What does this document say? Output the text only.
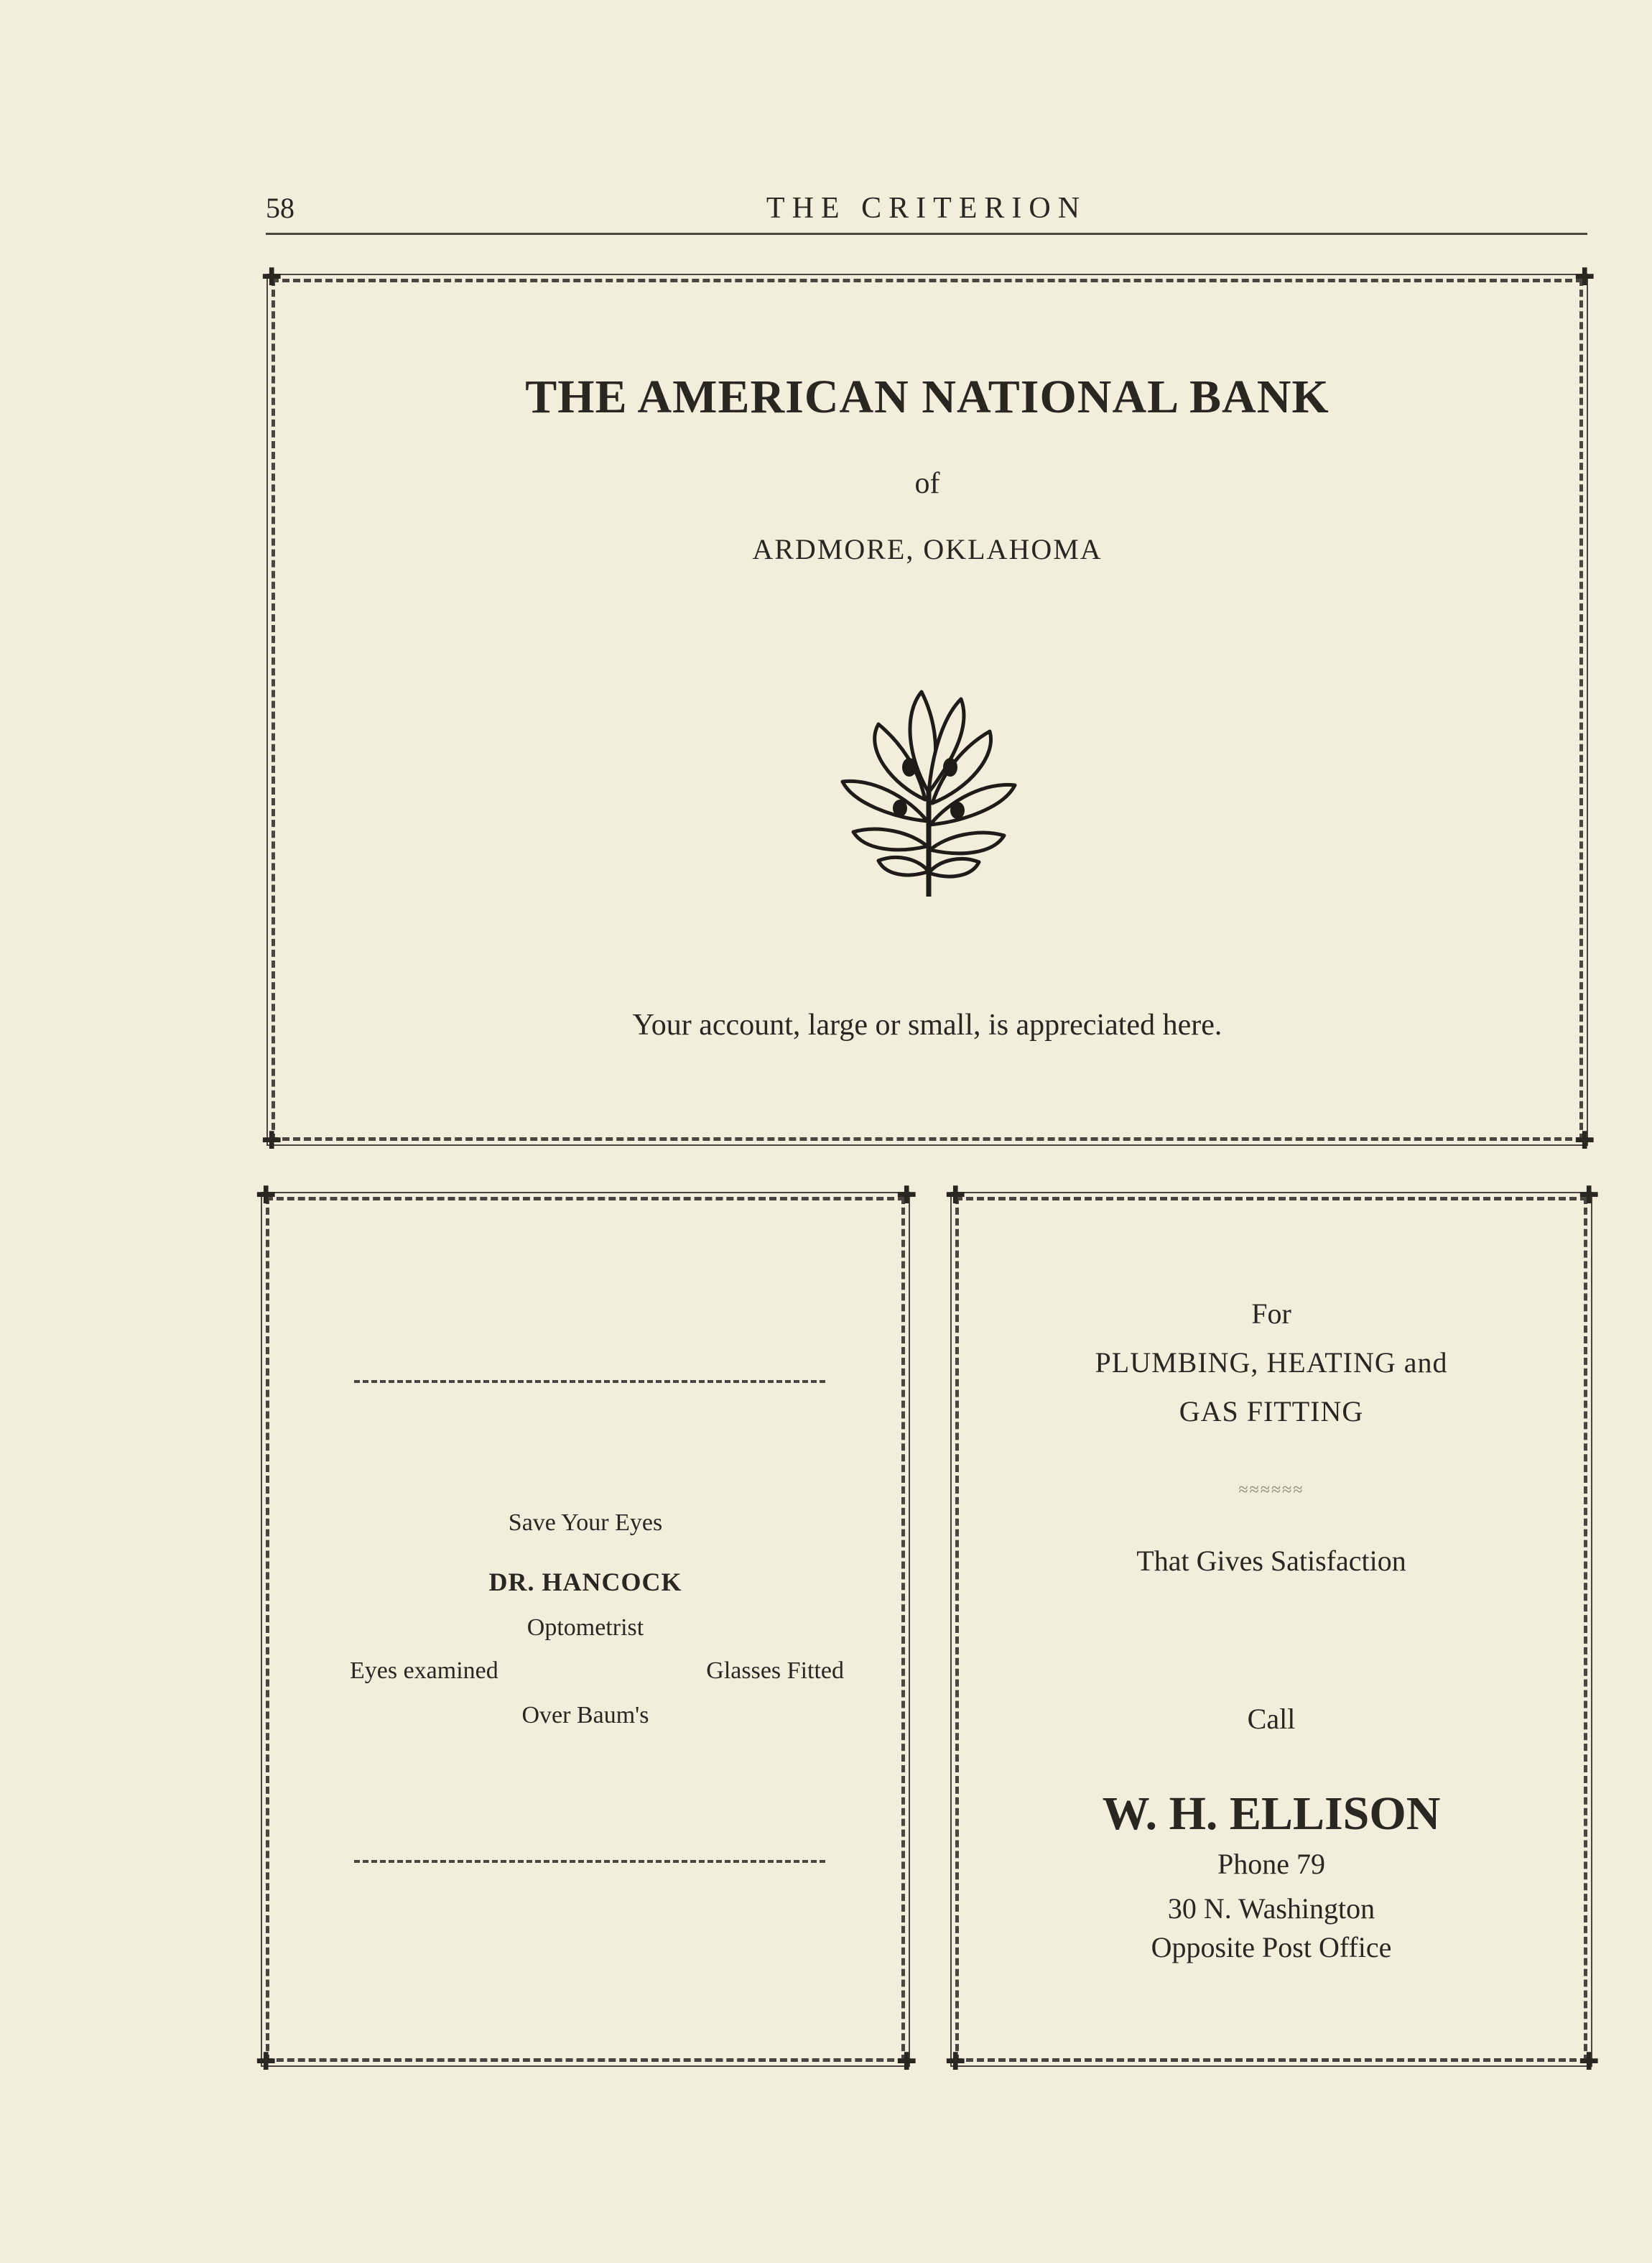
58	THE CRITERION
✚	✚
✚	✚
THE AMERICAN NATIONAL BANK
of
ARDMORE, OKLAHOMA
Your account, large or small, is appreciated here.
✚	✚
✚	✚
Save Your Eyes
DR. HANCOCK
Optometrist
Eyes examined	Glasses Fitted
Over Baum's
✚	✚
✚	✚
For
PLUMBING, HEATING and
GAS FITTING
≈≈≈≈≈≈
That Gives Satisfaction
Call
W. H. ELLISON
Phone 79
30 N. Washington
Opposite Post Office
